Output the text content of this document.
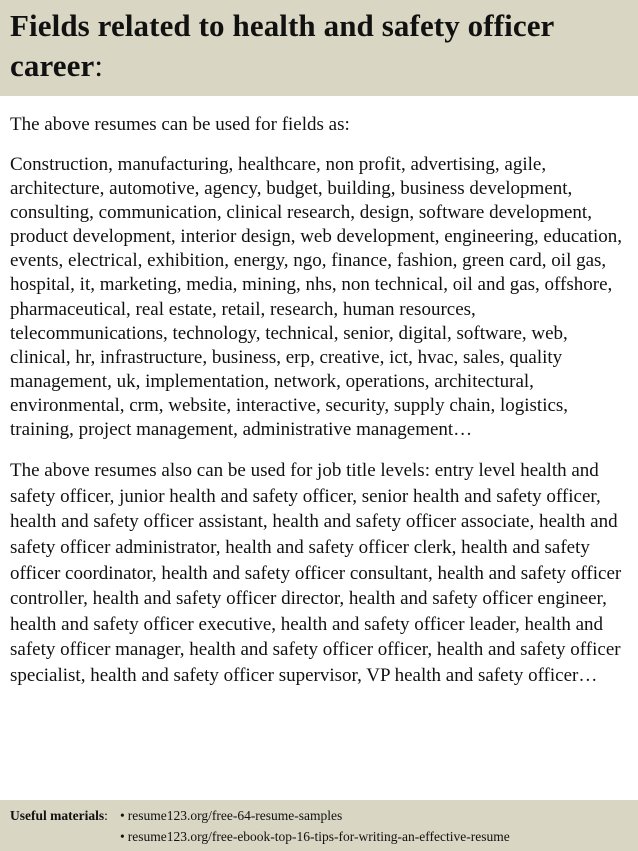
Fields related to health and safety officer career:

The above resumes can be used for fields as:

Construction, manufacturing, healthcare, non profit, advertising, agile, architecture, automotive, agency, budget, building, business development, consulting, communication, clinical research, design, software development, product development, interior design, web development, engineering, education, events, electrical, exhibition, energy, ngo, finance, fashion, green card, oil gas, hospital, it, marketing, media, mining, nhs, non technical, oil and gas, offshore, pharmaceutical, real estate, retail, research, human resources, telecommunications, technology, technical, senior, digital, software, web, clinical, hr, infrastructure, business, erp, creative, ict, hvac, sales, quality management, uk, implementation, network, operations, architectural, environmental, crm, website, interactive, security, supply chain, logistics, training, project management, administrative management…

The above resumes also can be used for job title levels: entry level health and safety officer, junior health and safety officer, senior health and safety officer, health and safety officer assistant, health and safety officer associate, health and safety officer administrator, health and safety officer clerk, health and safety officer coordinator, health and safety officer consultant, health and safety officer controller, health and safety officer director, health and safety officer engineer, health and safety officer executive, health and safety officer leader, health and safety officer manager, health and safety officer officer, health and safety officer specialist, health and safety officer supervisor, VP health and safety officer…

Useful materials: • resume123.org/free-64-resume-samples
• resume123.org/free-ebook-top-16-tips-for-writing-an-effective-resume
